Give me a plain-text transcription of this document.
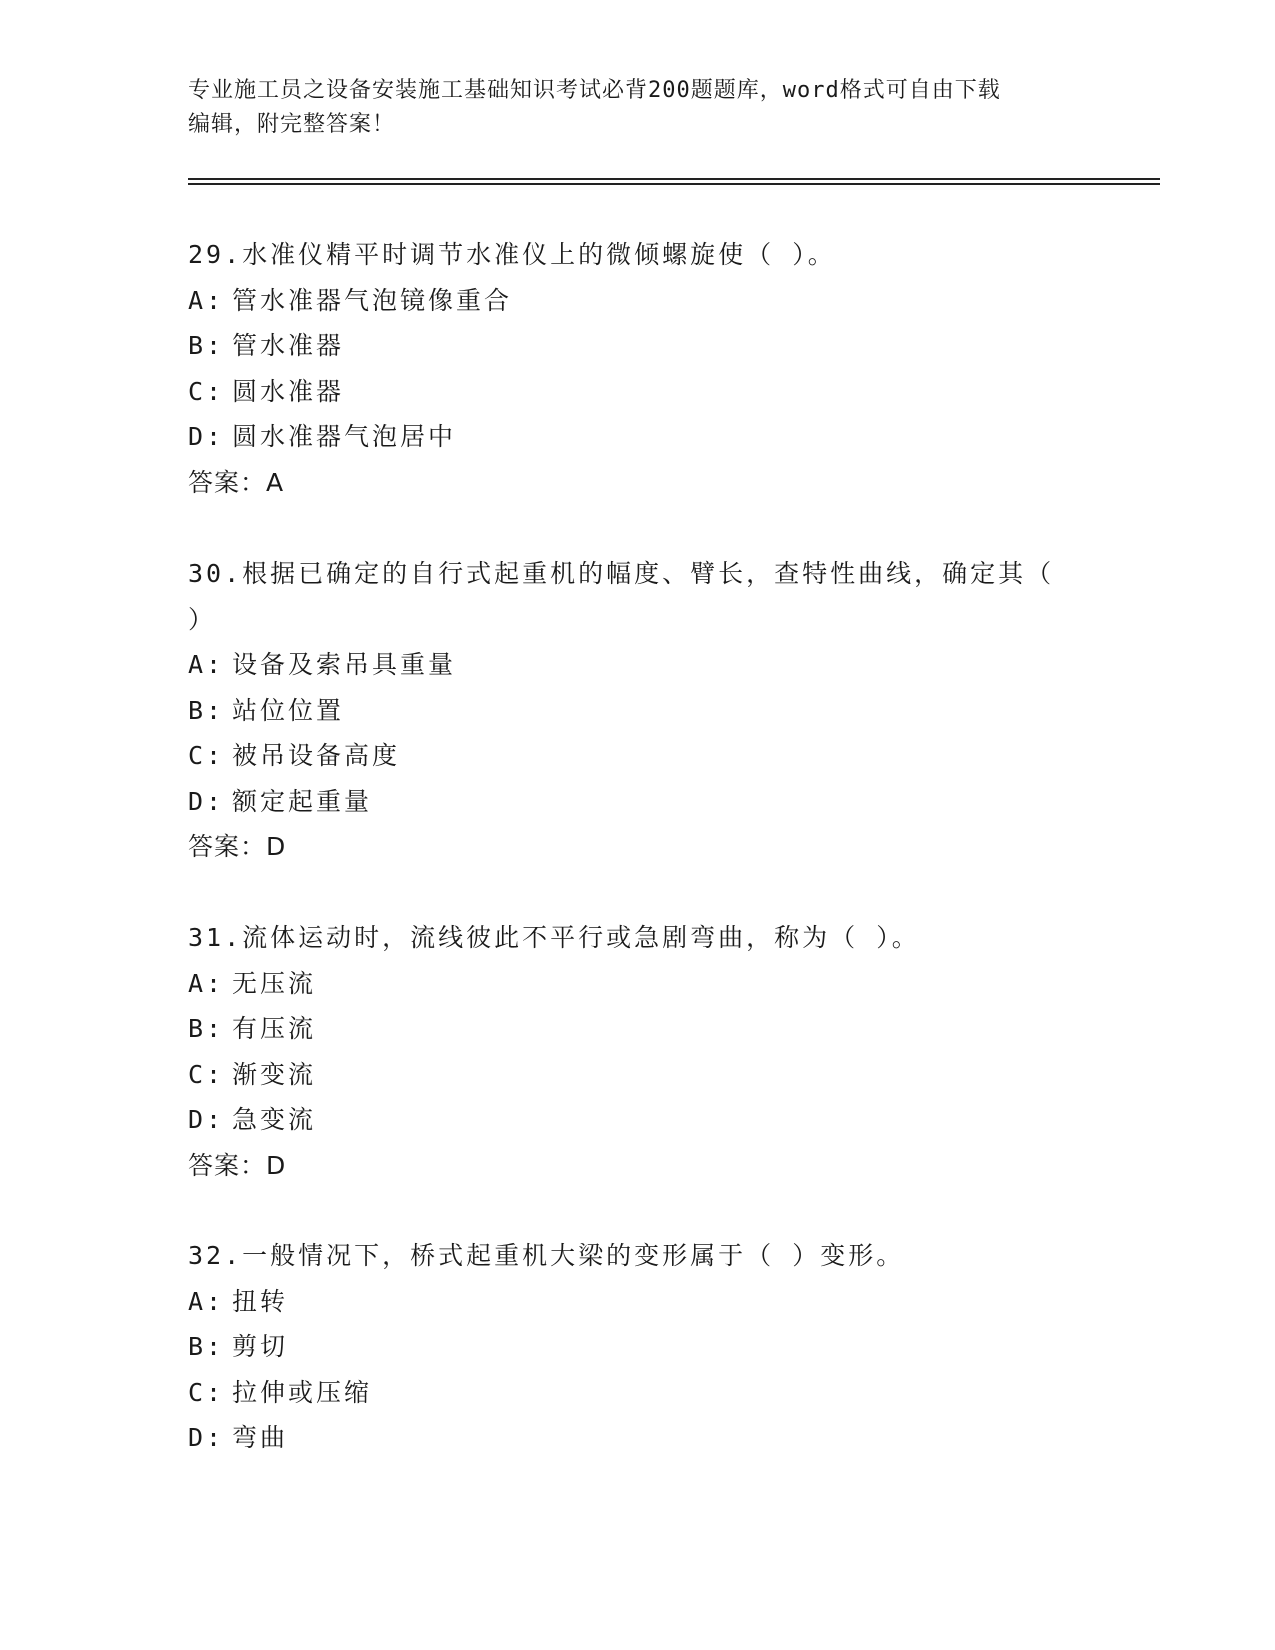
专业施工员之设备安装施工基础知识考试必背200题题库，word格式可自由下载
编辑，附完整答案！
29.水准仪精平时调节水准仪上的微倾螺旋使（ ）。
A: 管水准器气泡镜像重合
B: 管水准器
C: 圆水准器
D: 圆水准器气泡居中
答案：A
30.根据已确定的自行式起重机的幅度、臂长，查特性曲线，确定其（
）
A: 设备及索吊具重量
B: 站位位置
C: 被吊设备高度
D: 额定起重量
答案：D
31.流体运动时，流线彼此不平行或急剧弯曲，称为（ ）。
A: 无压流
B: 有压流
C: 渐变流
D: 急变流
答案：D
32.一般情况下，桥式起重机大梁的变形属于（ ）变形。
A: 扭转
B: 剪切
C: 拉伸或压缩
D: 弯曲
